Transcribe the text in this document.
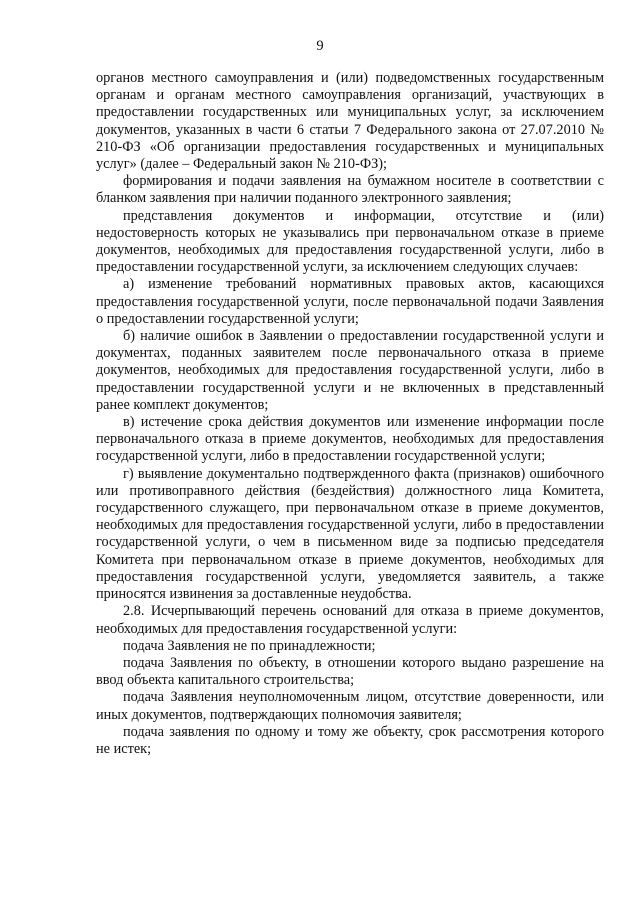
9

органов местного самоуправления и (или) подведомственных государственным органам и органам местного самоуправления организаций, участвующих в предоставлении государственных или муниципальных услуг, за исключением документов, указанных в части 6 статьи 7 Федерального закона от 27.07.2010 № 210-ФЗ «Об организации предоставления государственных и муниципальных услуг» (далее – Федеральный закон № 210-ФЗ);

формирования и подачи заявления на бумажном носителе в соответствии с бланком заявления при наличии поданного электронного заявления;

представления документов и информации, отсутствие и (или) недостоверность которых не указывались при первоначальном отказе в приеме документов, необходимых для предоставления государственной услуги, либо в предоставлении государственной услуги, за исключением следующих случаев:

а) изменение требований нормативных правовых актов, касающихся предоставления государственной услуги, после первоначальной подачи Заявления о предоставлении государственной услуги;

б) наличие ошибок в Заявлении о предоставлении государственной услуги и документах, поданных заявителем после первоначального отказа в приеме документов, необходимых для предоставления государственной услуги, либо в предоставлении государственной услуги и не включенных в представленный ранее комплект документов;

в) истечение срока действия документов или изменение информации после первоначального отказа в приеме документов, необходимых для предоставления государственной услуги, либо в предоставлении государственной услуги;

г) выявление документально подтвержденного факта (признаков) ошибочного или противоправного действия (бездействия) должностного лица Комитета, государственного служащего, при первоначальном отказе в приеме документов, необходимых для предоставления государственной услуги, либо в предоставлении государственной услуги, о чем в письменном виде за подписью председателя Комитета при первоначальном отказе в приеме документов, необходимых для предоставления государственной услуги, уведомляется заявитель, а также приносятся извинения за доставленные неудобства.

2.8. Исчерпывающий перечень оснований для отказа в приеме документов, необходимых для предоставления государственной услуги:

подача Заявления не по принадлежности;

подача Заявления по объекту, в отношении которого выдано разрешение на ввод объекта капитального строительства;

подача Заявления неуполномоченным лицом, отсутствие доверенности, или иных документов, подтверждающих полномочия заявителя;

подача заявления по одному и тому же объекту, срок рассмотрения которого не истек;
